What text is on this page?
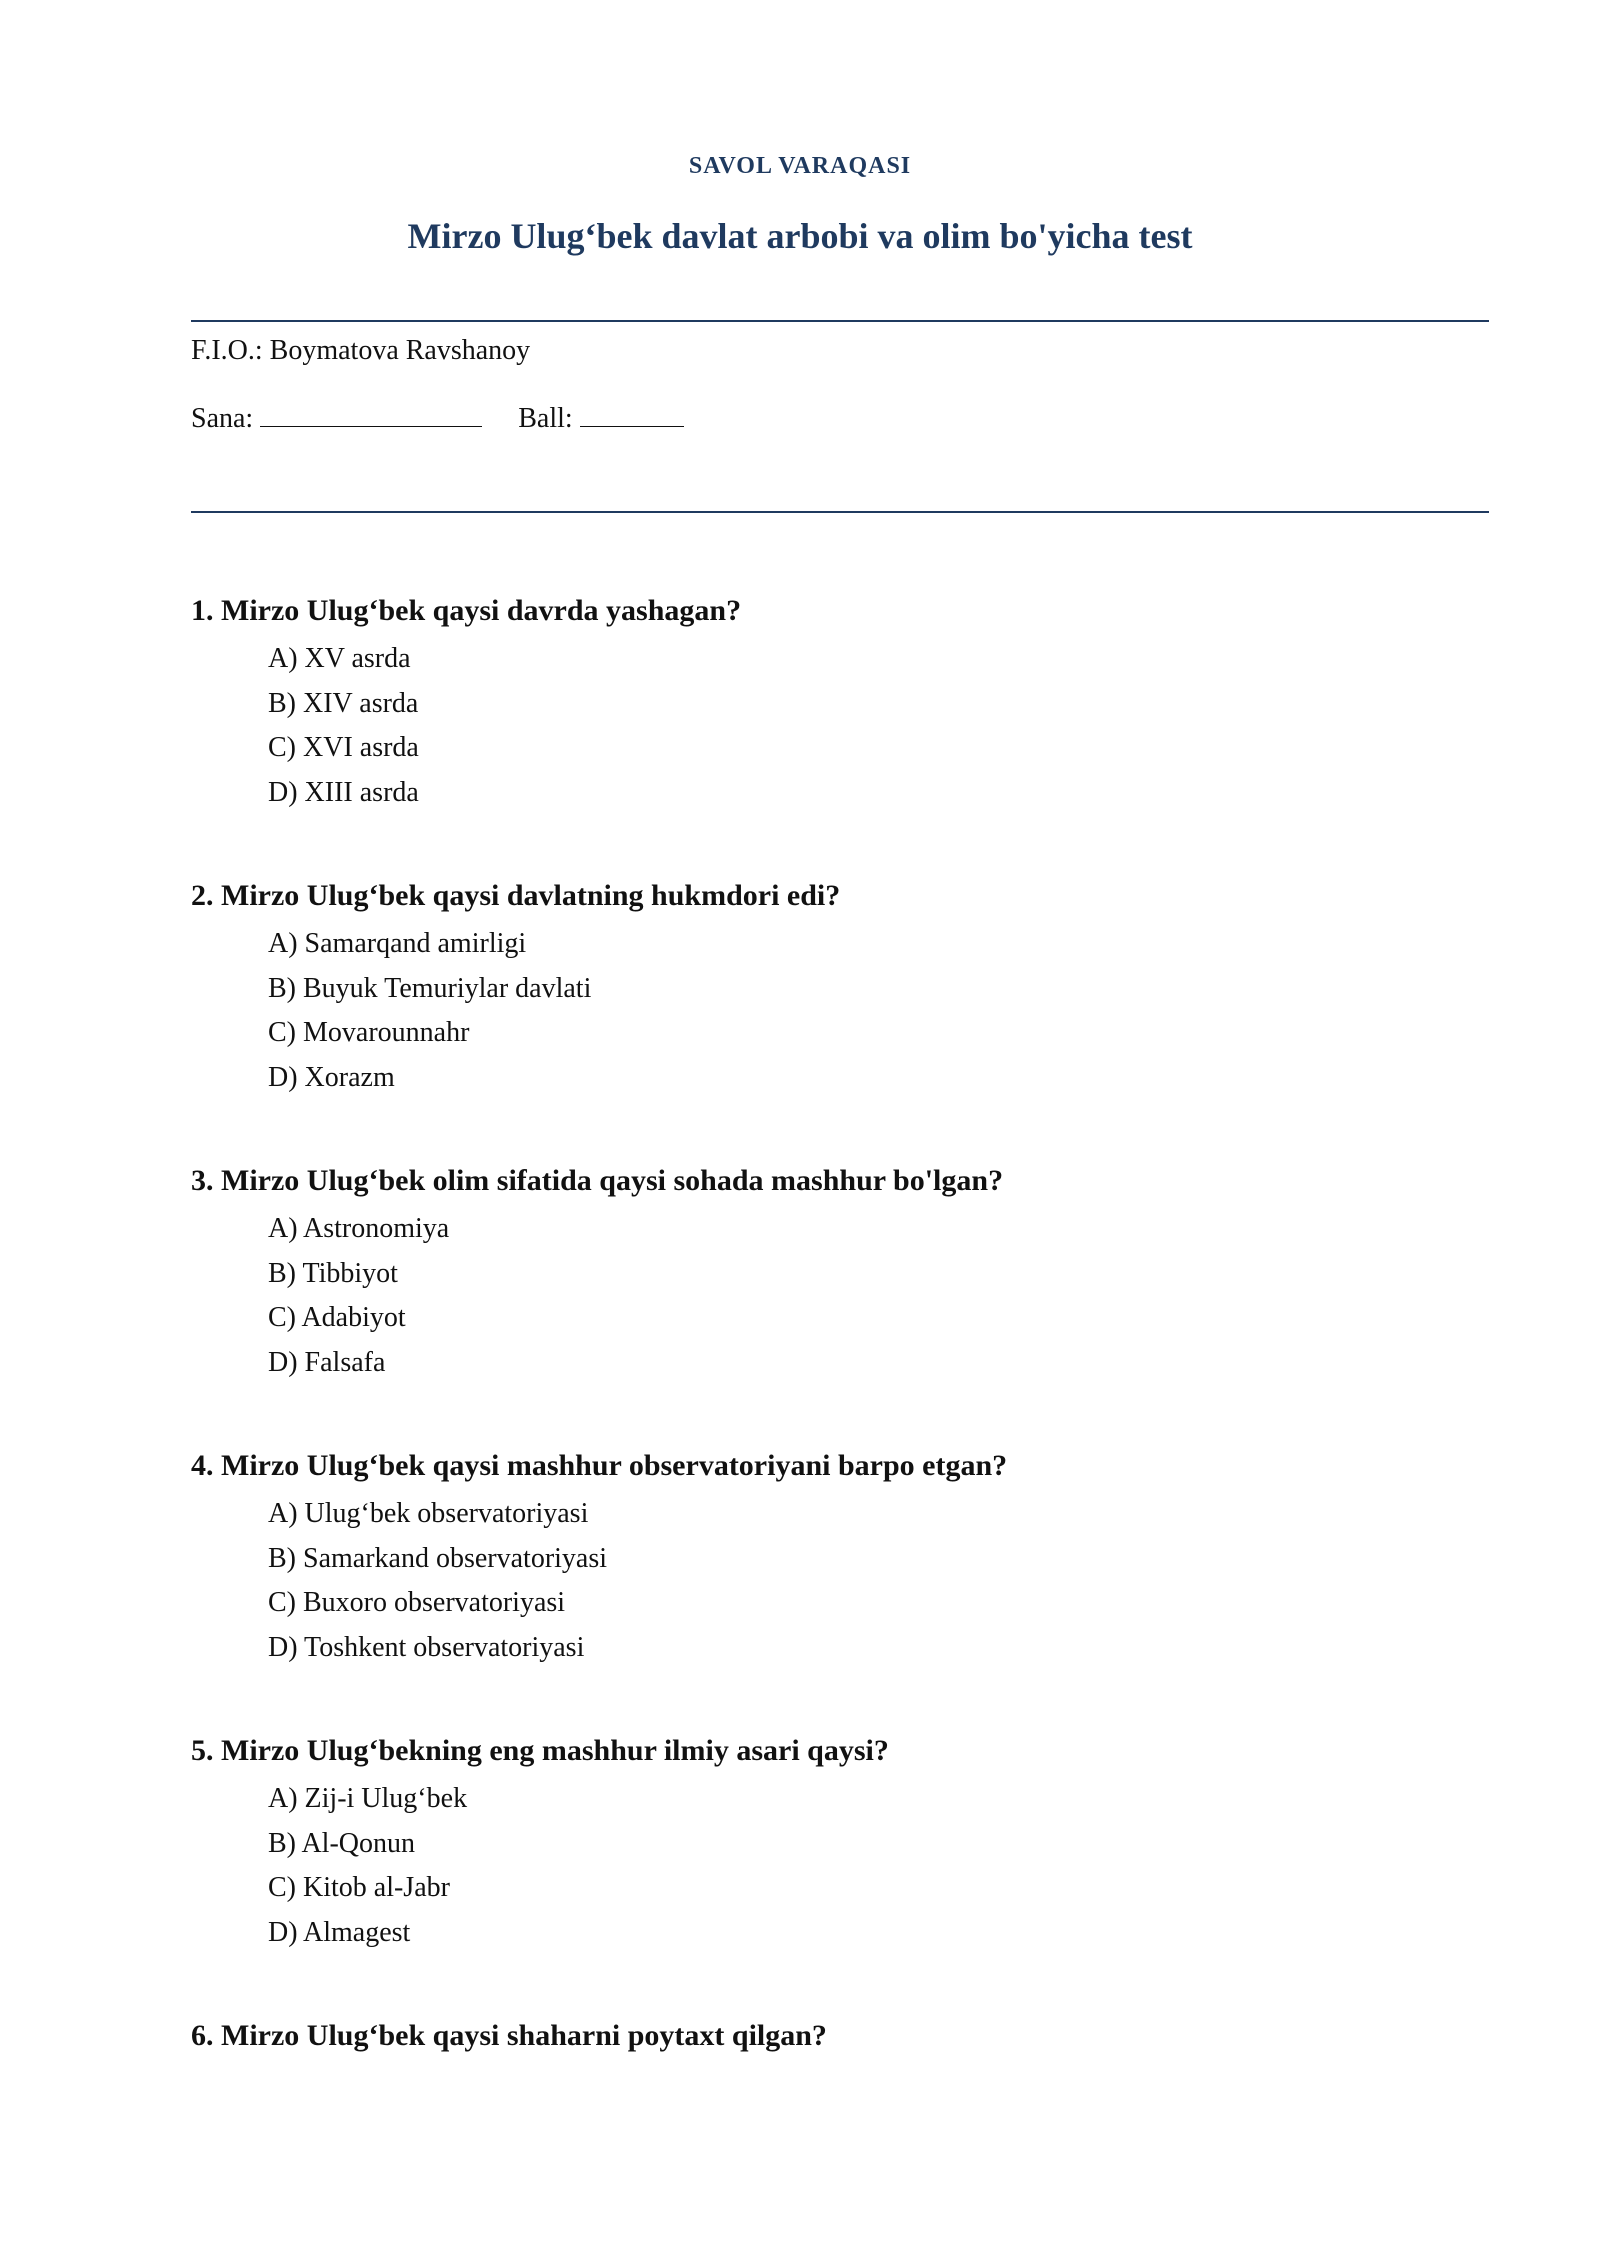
SAVOL VARAQASI
Mirzo Ulug‘bek davlat arbobi va olim bo'yicha test
F.I.O.: Boymatova Ravshanoy
Sana:	Ball:
1. Mirzo Ulug‘bek qaysi davrda yashagan?
A) XV asrda
B) XIV asrda
C) XVI asrda
D) XIII asrda
2. Mirzo Ulug‘bek qaysi davlatning hukmdori edi?
A) Samarqand amirligi
B) Buyuk Temuriylar davlati
C) Movarounnahr
D) Xorazm
3. Mirzo Ulug‘bek olim sifatida qaysi sohada mashhur bo'lgan?
A) Astronomiya
B) Tibbiyot
C) Adabiyot
D) Falsafa
4. Mirzo Ulug‘bek qaysi mashhur observatoriyani barpo etgan?
A) Ulug‘bek observatoriyasi
B) Samarkand observatoriyasi
C) Buxoro observatoriyasi
D) Toshkent observatoriyasi
5. Mirzo Ulug‘bekning eng mashhur ilmiy asari qaysi?
A) Zij-i Ulug‘bek
B) Al-Qonun
C) Kitob al-Jabr
D) Almagest
6. Mirzo Ulug‘bek qaysi shaharni poytaxt qilgan?
